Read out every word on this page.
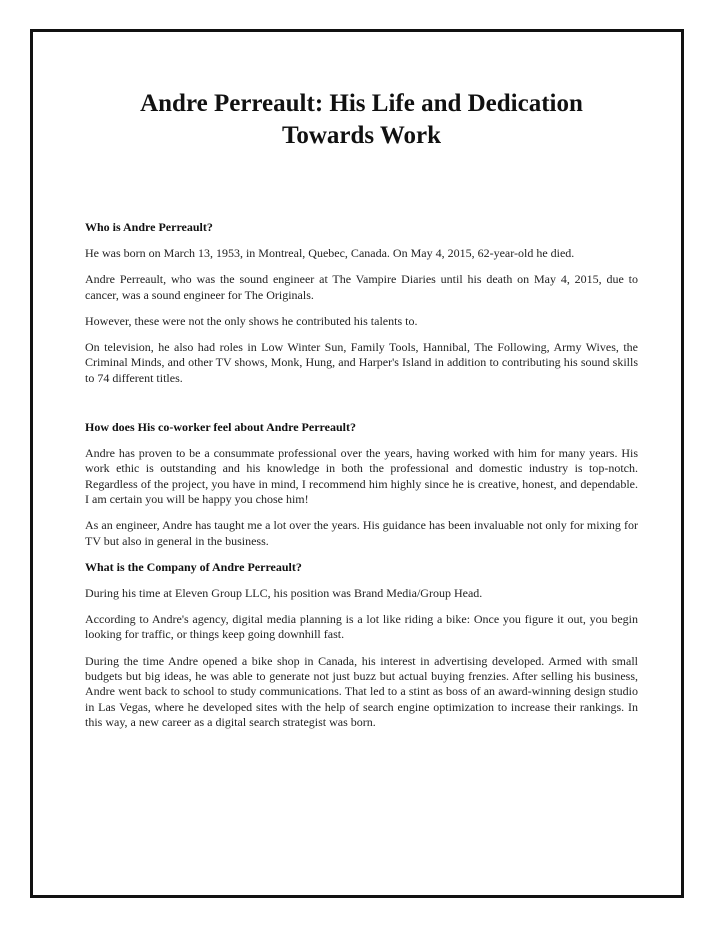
Andre Perreault: His Life and Dedication Towards Work
Who is Andre Perreault?

He was born on March 13, 1953, in Montreal, Quebec, Canada. On May 4, 2015, 62-year-old he died.

Andre Perreault, who was the sound engineer at The Vampire Diaries until his death on May 4, 2015, due to cancer, was a sound engineer for The Originals.

However, these were not the only shows he contributed his talents to.

On television, he also had roles in Low Winter Sun, Family Tools, Hannibal, The Following, Army Wives, the Criminal Minds, and other TV shows, Monk, Hung, and Harper's Island in addition to contributing his sound skills to 74 different titles.

How does His co-worker feel about Andre Perreault?

Andre has proven to be a consummate professional over the years, having worked with him for many years. His work ethic is outstanding and his knowledge in both the professional and domestic industry is top-notch. Regardless of the project, you have in mind, I recommend him highly since he is creative, honest, and dependable. I am certain you will be happy you chose him!

As an engineer, Andre has taught me a lot over the years. His guidance has been invaluable not only for mixing for TV but also in general in the business.

What is the Company of Andre Perreault?

During his time at Eleven Group LLC, his position was Brand Media/Group Head.

According to Andre's agency, digital media planning is a lot like riding a bike: Once you figure it out, you begin looking for traffic, or things keep going downhill fast.

During the time Andre opened a bike shop in Canada, his interest in advertising developed. Armed with small budgets but big ideas, he was able to generate not just buzz but actual buying frenzies. After selling his business, Andre went back to school to study communications. That led to a stint as boss of an award-winning design studio in Las Vegas, where he developed sites with the help of search engine optimization to increase their rankings. In this way, a new career as a digital search strategist was born.
